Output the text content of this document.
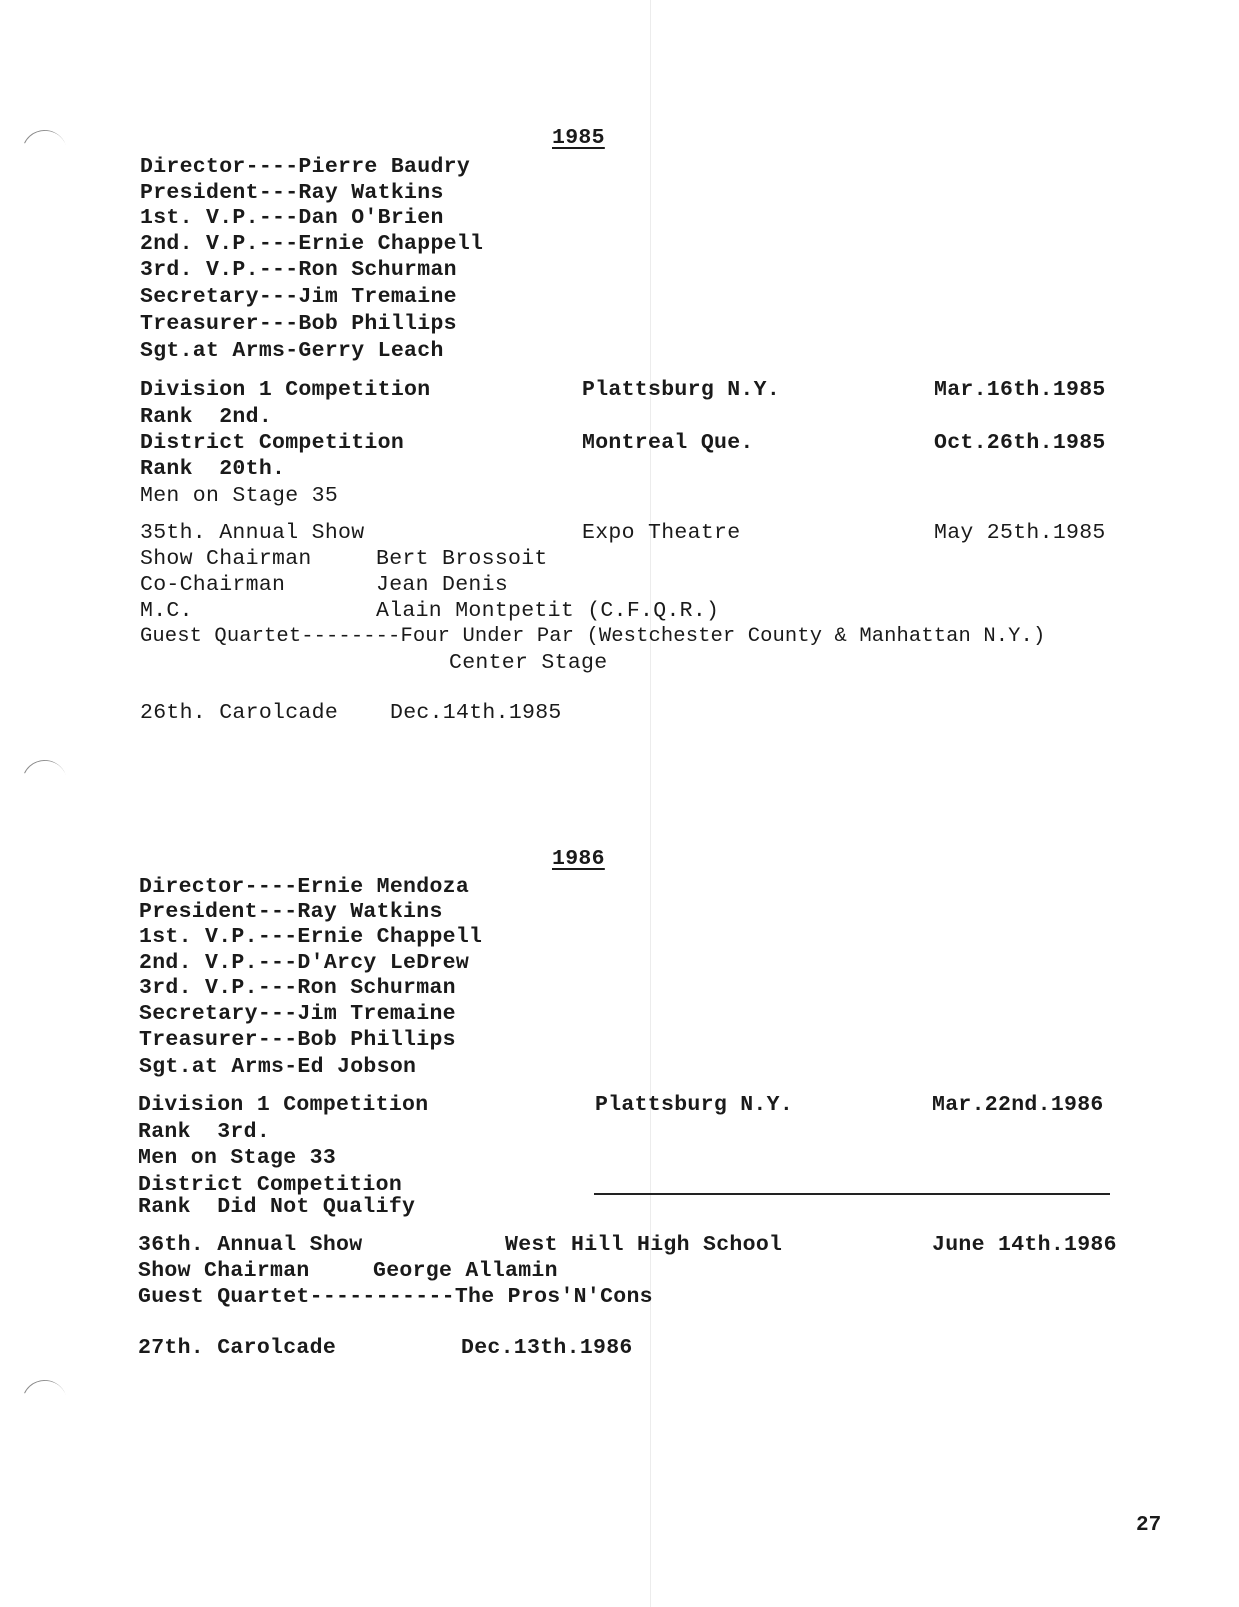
1985
Director----Pierre Baudry
President---Ray Watkins
1st. V.P.---Dan O'Brien
2nd. V.P.---Ernie Chappell
3rd. V.P.---Ron Schurman
Secretary---Jim Tremaine
Treasurer---Bob Phillips
Sgt.at Arms-Gerry Leach
Division 1 Competition	Plattsburg N.Y.	Mar.16th.1985
Rank  2nd.
District Competition	Montreal Que.	Oct.26th.1985
Rank  20th.
Men on Stage 35
35th. Annual Show	Expo Theatre	May 25th.1985
Show Chairman	Bert Brossoit
Co-Chairman	Jean Denis
M.C.	Alain Montpetit (C.F.Q.R.)
Guest Quartet--------Four Under Par (Westchester County & Manhattan N.Y.)
Center Stage
26th. Carolcade Dec.14th.1985
1986
Director----Ernie Mendoza
President---Ray Watkins
1st. V.P.---Ernie Chappell
2nd. V.P.---D'Arcy LeDrew
3rd. V.P.---Ron Schurman
Secretary---Jim Tremaine
Treasurer---Bob Phillips
Sgt.at Arms-Ed Jobson
Division 1 Competition	Plattsburg N.Y.	Mar.22nd.1986
Rank  3rd.
Men on Stage 33
District Competition
Rank  Did Not Qualify
36th. Annual Show	West Hill High School	June 14th.1986
Show Chairman	George Allamin
Guest Quartet-----------The Pros'N'Cons
27th. Carolcade	Dec.13th.1986
27
